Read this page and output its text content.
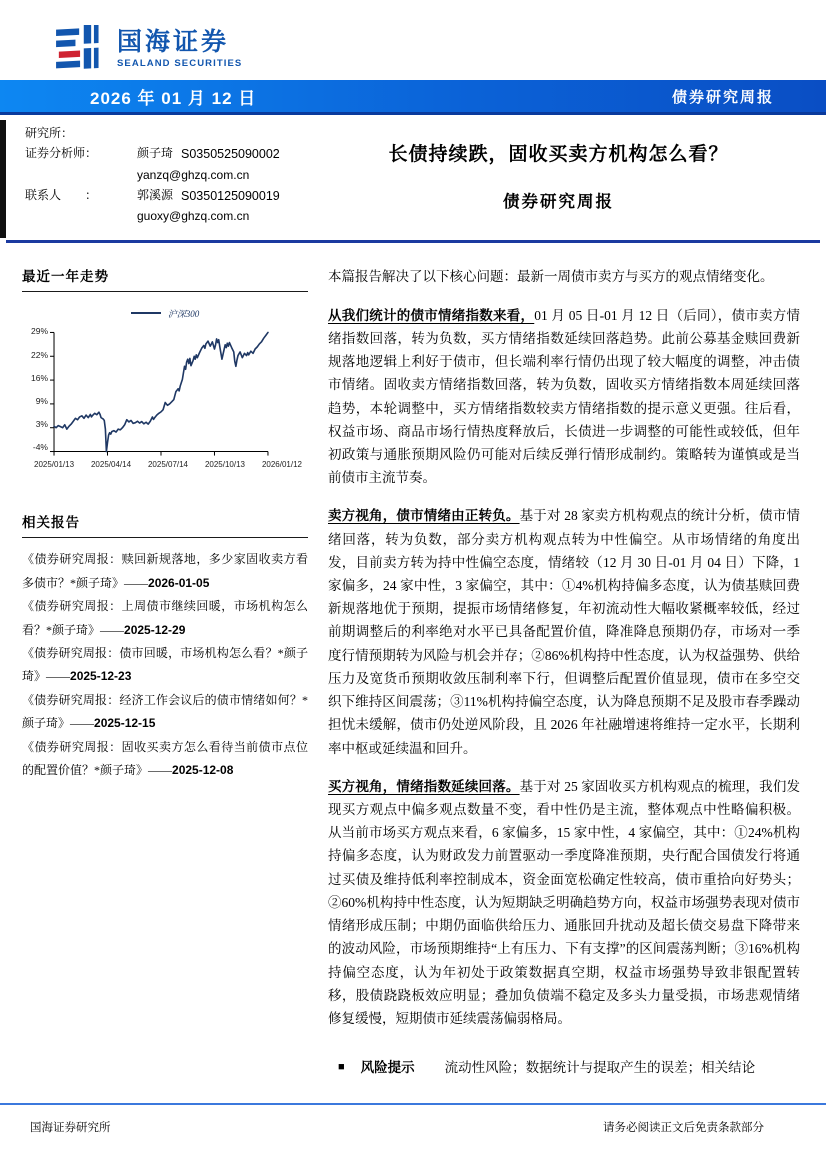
国海证券
SEALAND SECURITIES
2026 年 01 月 12 日	债券研究周报
研究所：
证券分析师：	颜子琦 S0350525090002
yanzq@ghzq.com.cn
联系人　　：	郭溪源 S0350125090019
guoxy@ghzq.com.cn
长债持续跌，固收买卖方机构怎么看？
债券研究周报
最近一年走势
沪深300
29%
22%
16%
9%
3%
-4%
2025/01/13 2025/04/14 2025/07/14 2025/10/13 2026/01/12
相关报告
《债券研究周报：赎回新规落地，多少家固收卖方看多债市？*颜子琦》——2026-01-05
《债券研究周报：上周债市继续回暖，市场机构怎么看？*颜子琦》——2025-12-29
《债券研究周报：债市回暖，市场机构怎么看？*颜子琦》——2025-12-23
《债券研究周报：经济工作会议后的债市情绪如何？*颜子琦》——2025-12-15
《债券研究周报：固收买卖方怎么看待当前债市点位的配置价值？*颜子琦》——2025-12-08

本篇报告解决了以下核心问题：最新一周债市卖方与买方的观点情绪变化。

从我们统计的债市情绪指数来看，01 月 05 日-01 月 12 日（后同），债市卖方情绪指数回落，转为负数，买方情绪指数延续回落趋势。此前公募基金赎回费新规落地逻辑上利好于债市，但长端利率行情仍出现了较大幅度的调整，冲击债市情绪。固收卖方情绪指数回落，转为负数，固收买方情绪指数本周延续回落趋势，本轮调整中，买方情绪指数较卖方情绪指数的提示意义更强。往后看，权益市场、商品市场行情热度释放后，长债进一步调整的可能性或较低，但年初政策与通胀预期风险仍可能对后续反弹行情形成制约。策略转为谨慎或是当前债市主流节奏。

卖方视角，债市情绪由正转负。基于对 28 家卖方机构观点的统计分析，债市情绪回落，转为负数，部分卖方机构观点转为中性偏空。从市场情绪的角度出发，目前卖方转为持中性偏空态度，情绪较（12 月 30 日-01 月 04 日）下降，1 家偏多，24 家中性，3 家偏空，其中：①4%机构持偏多态度，认为债基赎回费新规落地优于预期，提振市场情绪修复，年初流动性大幅收紧概率较低，经过前期调整后的利率绝对水平已具备配置价值，降准降息预期仍存，市场对一季度行情预期转为风险与机会并存；②86%机构持中性态度，认为权益强势、供给压力及宽货币预期收敛压制利率下行，但调整后配置价值显现，债市在多空交织下维持区间震荡；③11%机构持偏空态度，认为降息预期不足及股市春季躁动担忧未缓解，债市仍处逆风阶段，且 2026 年社融增速将维持一定水平，长期利率中枢或延续温和回升。

买方视角，情绪指数延续回落。基于对 25 家固收买方机构观点的梳理，我们发现买方观点中偏多观点数量不变，看中性仍是主流，整体观点中性略偏积极。从当前市场买方观点来看，6 家偏多，15 家中性，4 家偏空，其中：①24%机构持偏多态度，认为财政发力前置驱动一季度降准预期，央行配合国债发行将通过买债及维持低利率控制成本，资金面宽松确定性较高，债市重拾向好势头；②60%机构持中性态度，认为短期缺乏明确趋势方向，权益市场强势表现对债市情绪形成压制；中期仍面临供给压力、通胀回升扰动及超长债交易盘下降带来的波动风险，市场预期维持“上有压力、下有支撑”的区间震荡判断；③16%机构持偏空态度，认为年初处于政策数据真空期，权益市场强势导致非银配置转移，股债跷跷板效应明显；叠加负债端不稳定及多头力量受损，市场悲观情绪修复缓慢，短期债市延续震荡偏弱格局。

■ 风险提示 流动性风险；数据统计与提取产生的误差；相关结论
国海证券研究所	请务必阅读正文后免责条款部分
